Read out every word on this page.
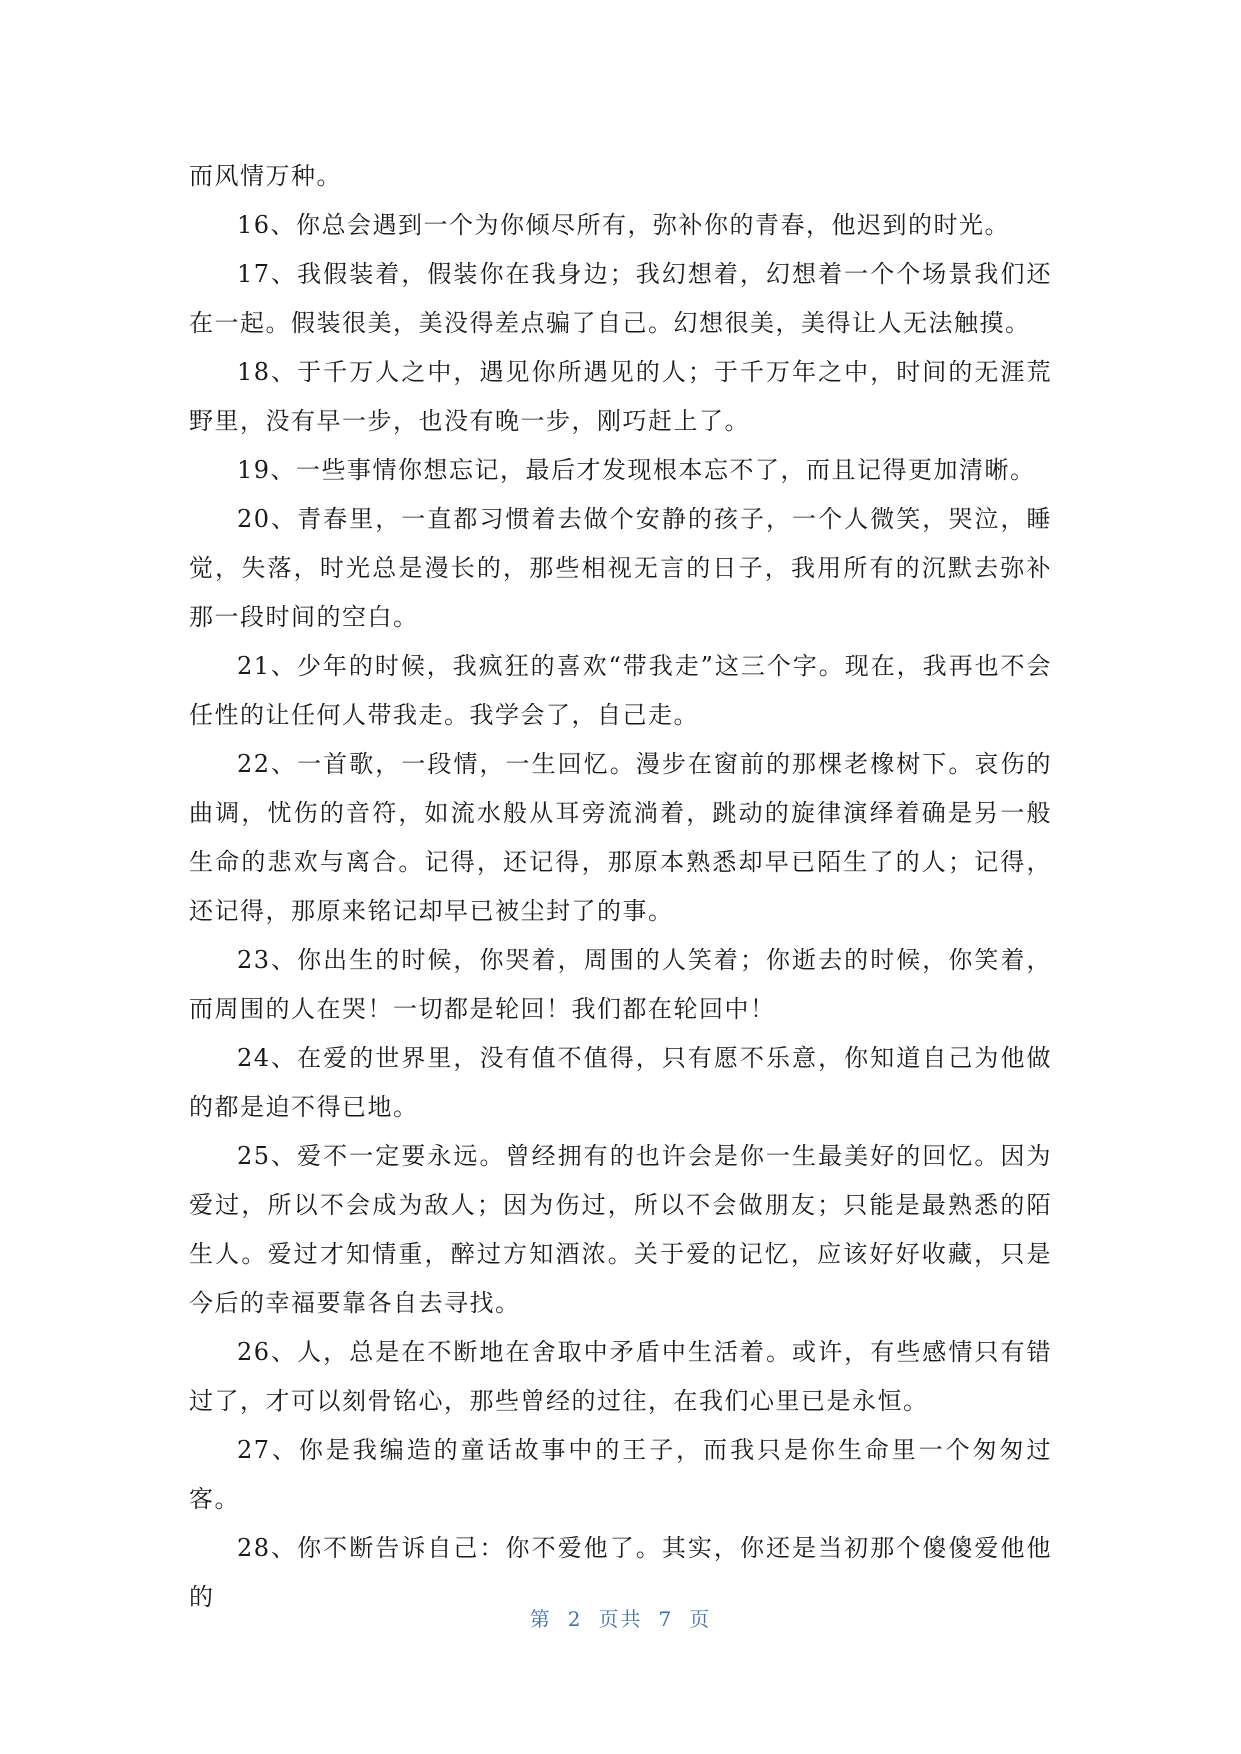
而风情万种。

16、你总会遇到一个为你倾尽所有，弥补你的青春，他迟到的时光。

17、我假装着，假装你在我身边；我幻想着，幻想着一个个场景我们还在一起。假装很美，美没得差点骗了自己。幻想很美，美得让人无法触摸。

18、于千万人之中，遇见你所遇见的人；于千万年之中，时间的无涯荒野里，没有早一步，也没有晚一步，刚巧赶上了。

19、一些事情你想忘记，最后才发现根本忘不了，而且记得更加清晰。

20、青春里，一直都习惯着去做个安静的孩子，一个人微笑，哭泣，睡觉，失落，时光总是漫长的，那些相视无言的日子，我用所有的沉默去弥补那一段时间的空白。

21、少年的时候，我疯狂的喜欢“带我走”这三个字。现在，我再也不会任性的让任何人带我走。我学会了，自己走。

22、一首歌，一段情，一生回忆。漫步在窗前的那棵老橡树下。哀伤的曲调，忧伤的音符，如流水般从耳旁流淌着，跳动的旋律演绎着确是另一般生命的悲欢与离合。记得，还记得，那原本熟悉却早已陌生了的人；记得，还记得，那原来铭记却早已被尘封了的事。

23、你出生的时候，你哭着，周围的人笑着；你逝去的时候，你笑着，而周围的人在哭！一切都是轮回！我们都在轮回中！

24、在爱的世界里，没有值不值得，只有愿不乐意，你知道自己为他做的都是迫不得已地。

25、爱不一定要永远。曾经拥有的也许会是你一生最美好的回忆。因为爱过，所以不会成为敌人；因为伤过，所以不会做朋友；只能是最熟悉的陌生人。爱过才知情重，醉过方知酒浓。关于爱的记忆，应该好好收藏，只是今后的幸福要靠各自去寻找。

26、人，总是在不断地在舍取中矛盾中生活着。或许，有些感情只有错过了，才可以刻骨铭心，那些曾经的过往，在我们心里已是永恒。

27、你是我编造的童话故事中的王子，而我只是你生命里一个匆匆过客。

28、你不断告诉自己：你不爱他了。其实，你还是当初那个傻傻爱他他的

第 2 页共 7 页
